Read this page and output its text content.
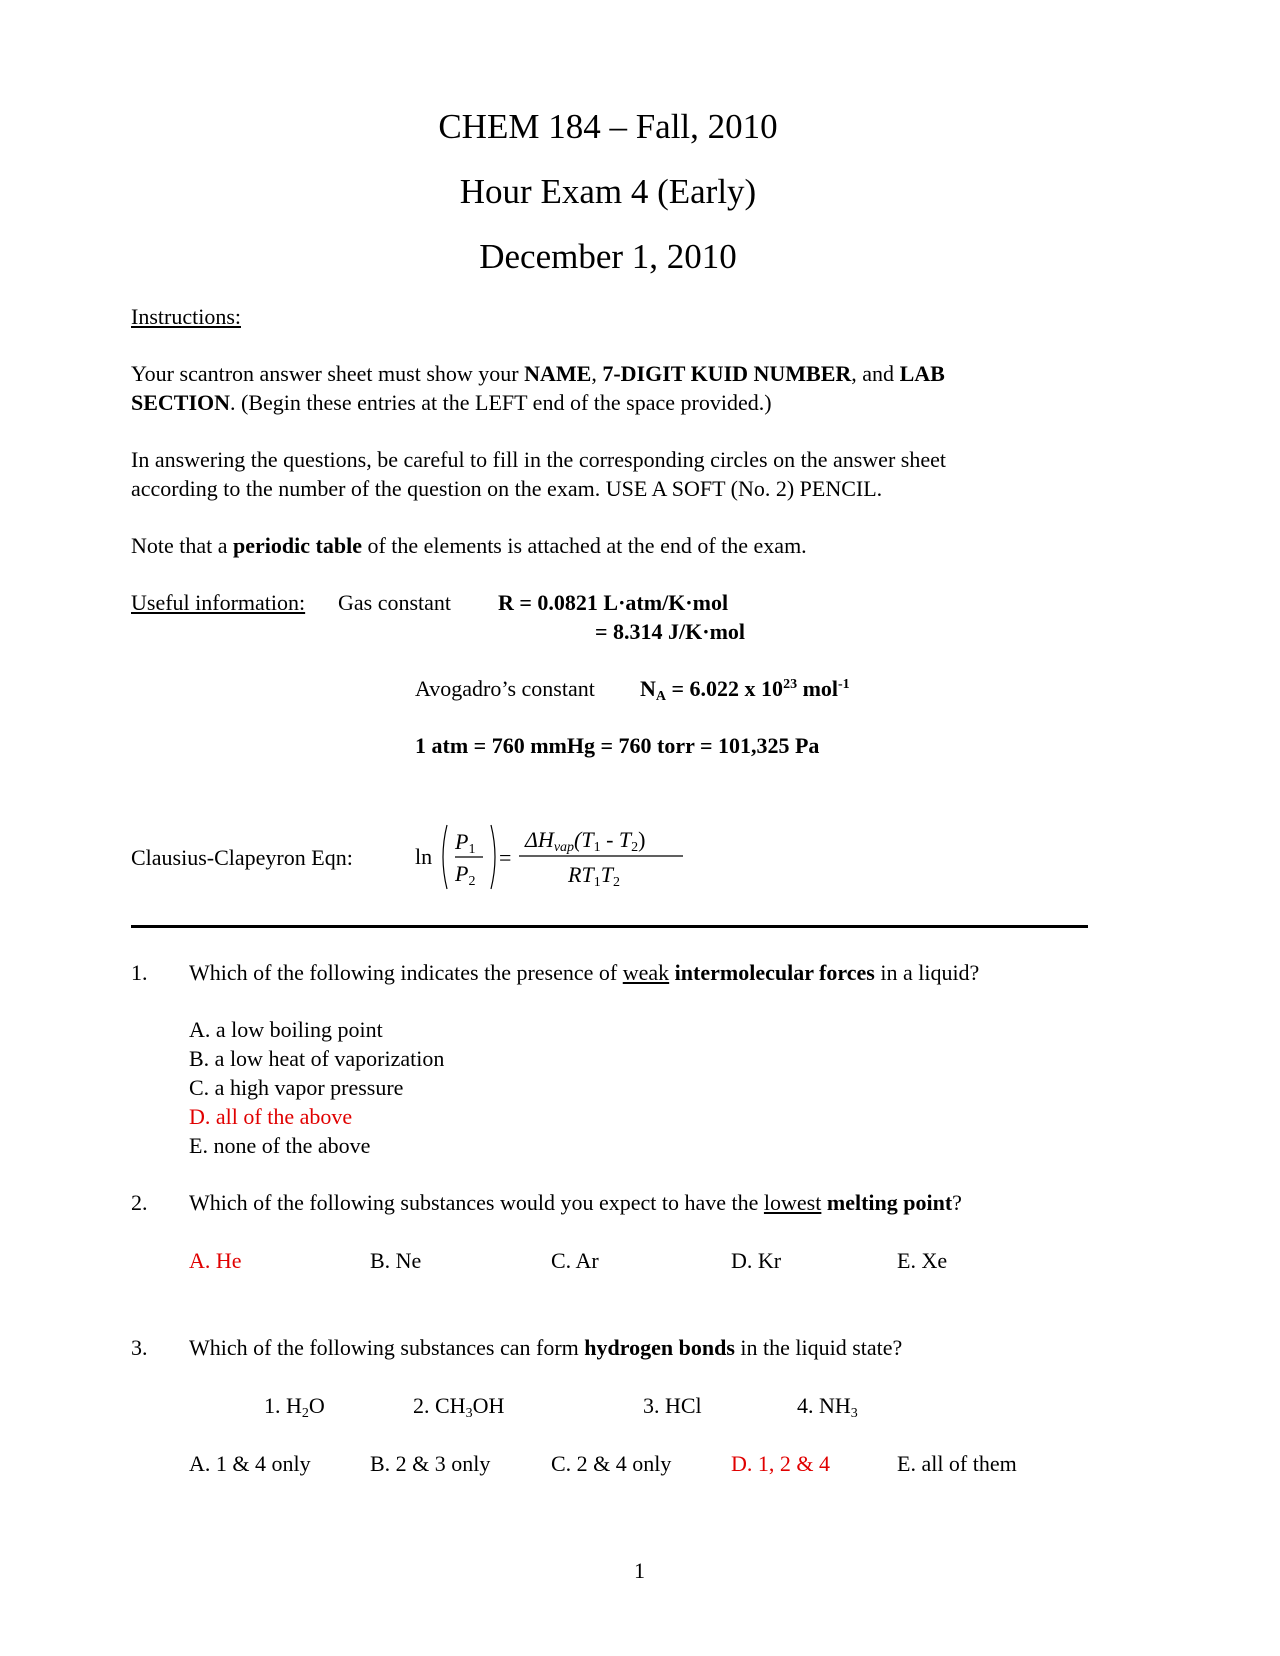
CHEM 184 – Fall, 2010
Hour Exam 4 (Early)
December 1, 2010
Instructions:
Your scantron answer sheet must show your NAME, 7-DIGIT KUID NUMBER, and LAB
SECTION. (Begin these entries at the LEFT end of the space provided.)
In answering the questions, be careful to fill in the corresponding circles on the answer sheet
according to the number of the question on the exam. USE A SOFT (No. 2) PENCIL.
Note that a periodic table of the elements is attached at the end of the exam.
Useful information: Gas constant R = 0.0821 L·atm/K·mol
= 8.314 J/K·mol
Avogadro’s constant $N_A = 6.022$ x $10^{23}$ mol$^{-1}$
1 atm = 760 mmHg = 760 torr = 101,325 Pa
Clausius-Clapeyron Eqn:	ln
$P_1$
$P_2$
=
$\Delta H_{vap}(T_1 - T_2)$
$RT_1T_2$
1. Which of the following indicates the presence of weak intermolecular forces in a liquid?
A. a low boiling point
B. a low heat of vaporization
C. a high vapor pressure
D. all of the above
E. none of the above
2. Which of the following substances would you expect to have the lowest melting point?
A. He	B. Ne	C. Ar	D. Kr	E. Xe
3. Which of the following substances can form hydrogen bonds in the liquid state?
1. $H_2O$	2. $CH_3OH$	3. HCl	4. $NH_3$
A. 1 & 4 only	B. 2 & 3 only	C. 2 & 4 only	D. 1, 2 & 4	E. all of them
1
